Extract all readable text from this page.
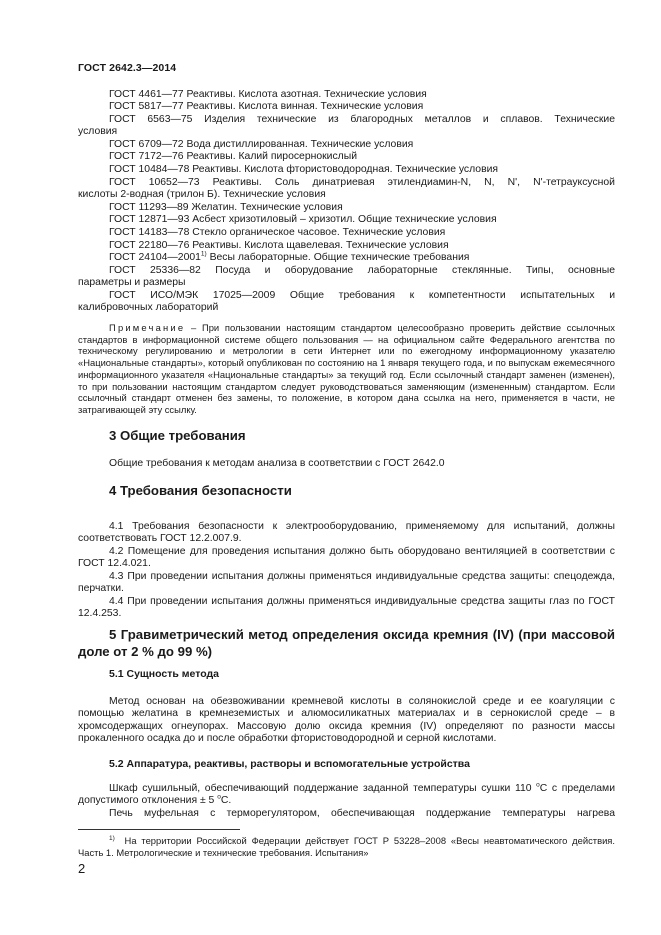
ГОСТ 2642.3—2014
ГОСТ 4461—77 Реактивы. Кислота азотная. Технические условия
ГОСТ 5817—77 Реактивы. Кислота винная. Технические условия
ГОСТ 6563—75 Изделия технические из благородных металлов и сплавов. Технические
условия
ГОСТ 6709—72 Вода дистиллированная. Технические условия
ГОСТ 7172—76 Реактивы. Калий пиросернокислый
ГОСТ 10484—78 Реактивы. Кислота фтористоводородная. Технические условия
ГОСТ 10652—73 Реактивы. Соль динатриевая этилендиамин-N, N, N', N'-тетрауксусной
кислоты 2-водная (трилон Б). Технические условия
ГОСТ 11293—89 Желатин. Технические условия
ГОСТ 12871—93 Асбест хризотиловый – хризотил. Общие технические условия
ГОСТ 14183—78 Стекло органическое часовое. Технические условия
ГОСТ 22180—76 Реактивы. Кислота щавелевая. Технические условия
ГОСТ 24104—2001$^{1)}$ Весы лабораторные. Общие технические требования
ГОСТ 25336—82 Посуда и оборудование лабораторные стеклянные. Типы, основные
параметры и размеры
ГОСТ ИСО/МЭК 17025—2009 Общие требования к компетентности испытательных и
калибровочных лабораторий
Примечание – При пользовании настоящим стандартом целесообразно проверить действие ссылочных стандартов в информационной системе общего пользования — на официальном сайте Федерального агентства по техническому регулированию и метрологии в сети Интернет или по ежегодному информационному указателю «Национальные стандарты», который опубликован по состоянию на 1 января текущего года, и по выпускам ежемесячного информационного указателя «Национальные стандарты» за текущий год. Если ссылочный стандарт заменен (изменен), то при пользовании настоящим стандартом следует руководствоваться заменяющим (измененным) стандартом. Если ссылочный стандарт отменен без замены, то положение, в котором дана ссылка на него, применяется в части, не затрагивающей эту ссылку.
3 Общие требования
Общие требования к методам анализа в соответствии с ГОСТ 2642.0
4 Требования безопасности
4.1 Требования безопасности к электрооборудованию, применяемому для испытаний, должны соответствовать ГОСТ 12.2.007.9.
4.2 Помещение для проведения испытания должно быть оборудовано вентиляцией в соответствии с ГОСТ 12.4.021.
4.3 При проведении испытания должны применяться индивидуальные средства защиты: спецодежда, перчатки.
4.4 При проведении испытания должны применяться индивидуальные средства защиты глаз по ГОСТ 12.4.253.
5 Гравиметрический метод определения оксида кремния (IV) (при массовой доле от 2 % до 99 %)
5.1 Сущность метода
Метод основан на обезвоживании кремневой кислоты в солянокислой среде и ее коагуляции с помощью желатина в кремнеземистых и алюмосиликатных материалах и в сернокислой среде – в хромсодержащих огнеупорах. Массовую долю оксида кремния (IV) определяют по разности массы прокаленного осадка до и после обработки фтористоводородной и серной кислотами.
5.2 Аппаратура, реактивы, растворы и вспомогательные устройства
Шкаф сушильный, обеспечивающий поддержание заданной температуры сушки 110 $^о$С с пределами допустимого отклонения ± 5 $^о$С.
Печь муфельная с терморегулятором, обеспечивающая поддержание температуры нагрева
$^{1)}$ На территории Российской Федерации действует ГОСТ Р 53228–2008 «Весы неавтоматического действия. Часть 1. Метрологические и технические требования. Испытания»
2
